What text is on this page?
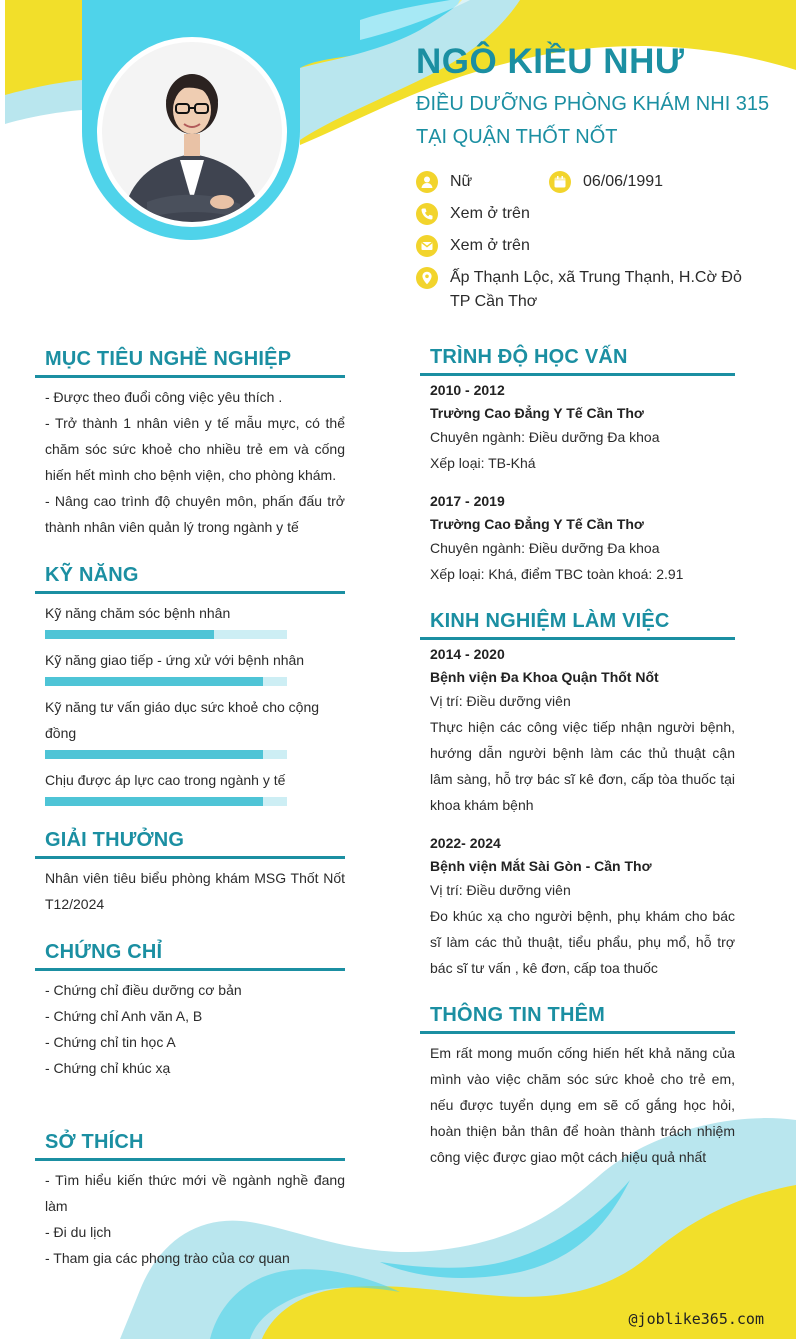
NGÔ KIỀU NHƯ
ĐIỀU DƯỠNG PHÒNG KHÁM NHI 315
TẠI QUẬN THỐT NỐT
Nữ	06/06/1991
Xem ở trên
Xem ở trên
Ấp Thạnh Lộc, xã Trung Thạnh, H.Cờ Đỏ TP Cần Thơ
MỤC TIÊU NGHỀ NGHIỆP
- Được theo đuổi công việc yêu thích .
- Trở thành 1 nhân viên y tế mẫu mực, có thể chăm sóc sức khoẻ cho nhiều trẻ em và cống hiến hết mình cho bệnh viện, cho phòng khám.
- Nâng cao trình độ chuyên môn, phấn đấu trở thành nhân viên quản lý trong ngành y tế
KỸ NĂNG
Kỹ năng chăm sóc bệnh nhân
Kỹ năng giao tiếp - ứng xử với bệnh nhân
Kỹ năng tư vấn giáo dục sức khoẻ cho cộng đồng
Chịu được áp lực cao trong ngành y tế
GIẢI THƯỞNG
Nhân viên tiêu biểu phòng khám MSG Thốt Nốt T12/2024
CHỨNG CHỈ
- Chứng chỉ điều dưỡng cơ bản
- Chứng chỉ Anh văn A, B
- Chứng chỉ tin học A
- Chứng chỉ khúc xạ
SỞ THÍCH
- Tìm hiểu kiến thức mới về ngành nghề đang làm
- Đi du lịch
- Tham gia các phong trào của cơ quan
TRÌNH ĐỘ HỌC VẤN
2010 - 2012
Trường Cao Đẳng Y Tế Cần Thơ
Chuyên ngành: Điều dưỡng Đa khoa
Xếp loại: TB-Khá
2017 - 2019
Trường Cao Đẳng Y Tế Cần Thơ
Chuyên ngành: Điều dưỡng Đa khoa
Xếp loại: Khá, điểm TBC toàn khoá: 2.91
KINH NGHIỆM LÀM VIỆC
2014 - 2020
Bệnh viện Đa Khoa Quận Thốt Nốt
Vị trí: Điều dưỡng viên
Thực hiện các công việc tiếp nhận người bệnh, hướng dẫn người bệnh làm các thủ thuật cận lâm sàng, hỗ trợ bác sĩ kê đơn, cấp tòa thuốc tại khoa khám bệnh
2022- 2024
Bệnh viện Mắt Sài Gòn - Cần Thơ
Vị trí: Điều dưỡng viên
Đo khúc xạ cho người bệnh, phụ khám cho bác sĩ làm các thủ thuật, tiểu phẩu, phụ mổ, hỗ trợ bác sĩ tư vấn , kê đơn, cấp toa thuốc
THÔNG TIN THÊM
Em rất mong muốn cống hiến hết khả năng của mình vào việc chăm sóc sức khoẻ cho trẻ em, nếu được tuyển dụng em sẽ cố gắng học hỏi, hoàn thiện bản thân để hoàn thành trách nhiệm công việc được giao một cách hiệu quả nhất
@joblike365.com
